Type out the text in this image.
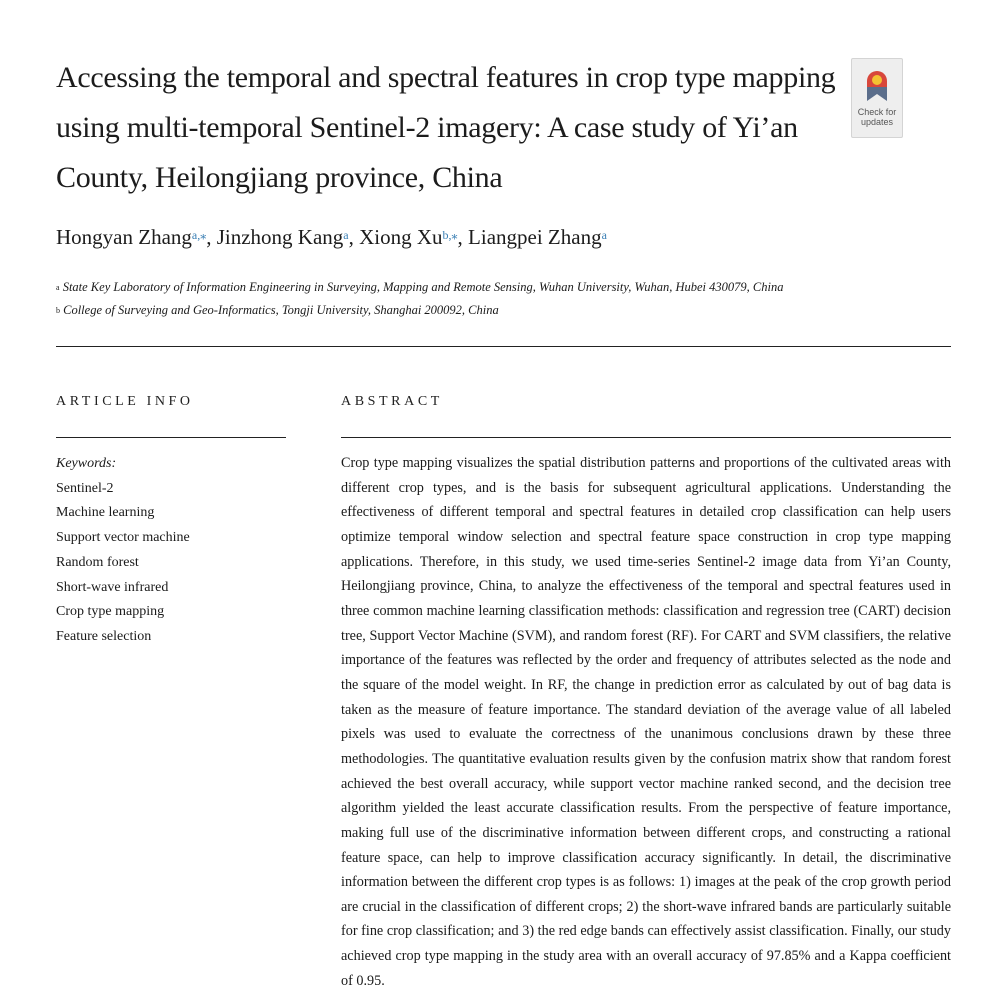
Accessing the temporal and spectral features in crop type mapping using multi-temporal Sentinel-2 imagery: A case study of Yi’an County, Heilongjiang province, China
Check for
updates
Hongyan Zhang$^{a,⁎}$, Jinzhong Kang$^a$, Xiong $Xu^{b,⁎}$, Liangpei Zhang$^a$
$^a$ State Key Laboratory of Information Engineering in Surveying, Mapping and Remote Sensing, Wuhan University, Wuhan, Hubei 430079, China
$^b$ College of Surveying and Geo-Informatics, Tongji University, Shanghai 200092, China
ARTICLE INFO	ABSTRACT
Keywords:
Sentinel-2
Machine learning
Support vector machine
Random forest
Short-wave infrared
Crop type mapping
Feature selection

Crop type mapping visualizes the spatial distribution patterns and proportions of the cultivated areas with different crop types, and is the basis for subsequent agricultural applications. Understanding the effectiveness of different temporal and spectral features in detailed crop classification can help users optimize temporal window selection and spectral feature space construction in crop type mapping applications. Therefore, in this study, we used time-series Sentinel-2 image data from Yi’an County, Heilongjiang province, China, to analyze the effectiveness of the temporal and spectral features used in three common machine learning classification methods: classification and regression tree (CART) decision tree, Support Vector Machine (SVM), and random forest (RF). For CART and SVM classifiers, the relative importance of the features was reflected by the order and frequency of attributes selected as the node and the square of the model weight. In RF, the change in prediction error as calculated by out of bag data is taken as the measure of feature importance. The standard deviation of the average value of all labeled pixels was used to evaluate the correctness of the unanimous conclusions drawn by these three methodologies. The quantitative evaluation results given by the confusion matrix show that random forest achieved the best overall accuracy, while support vector machine ranked second, and the decision tree algorithm yielded the least accurate classification results. From the perspective of feature importance, making full use of the discriminative information between different crops, and constructing a rational feature space, can help to improve classification accuracy significantly. In detail, the discriminative information between the different crop types is as follows: 1) images at the peak of the crop growth period are crucial in the classification of different crops; 2) the short-wave infrared bands are particularly suitable for fine crop classification; and 3) the red edge bands can effectively assist classification. Finally, our study achieved crop type mapping in the study area with an overall accuracy of 97.85% and a Kappa coefficient of 0.95.
